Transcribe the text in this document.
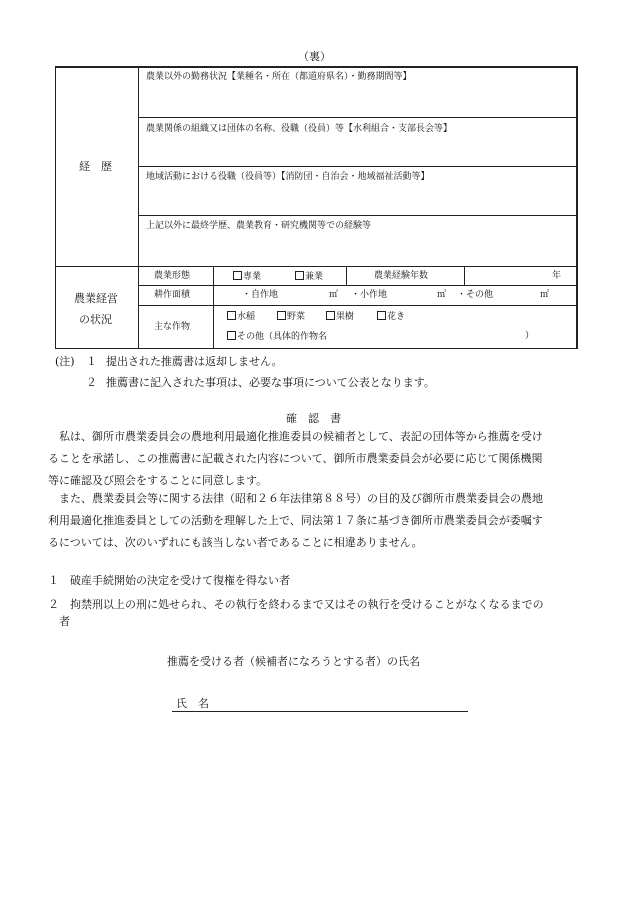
（裏）
経　歴
農業以外の勤務状況【業種名・所在（都道府県名）・勤務期間等】
農業関係の組織又は団体の名称、役職（役員）等【水利組合・支部長会等】
地域活動における役職（役員等）【消防団・自治会・地域福祉活動等】
上記以外に最終学歴、農業教育・研究機関等での経験等
農業経営
の状況
農業形態	専業	兼業	農業経験年数	年
耕作面積	・自作地	㎡ ・小作地	㎡ ・その他	㎡
主な作物
水稲	野菜	果樹	花き
その他（具体的作物名	）
(注) １ 提出された推薦書は返却しません。
２ 推薦書に記入された事項は、必要な事項について公表となります。
確　認　書
　私は、御所市農業委員会の農地利用最適化推進委員の候補者として、表記の団体等から推薦を受け
ることを承諾し、この推薦書に記載された内容について、御所市農業委員会が必要に応じて関係機関
等に確認及び照会をすることに同意します。
　また、農業委員会等に関する法律（昭和２６年法律第８８号）の目的及び御所市農業委員会の農地
利用最適化推進委員としての活動を理解した上で、同法第１７条に基づき御所市農業委員会が委嘱す
るについては、次のいずれにも該当しない者であることに相違ありません。
１　破産手続開始の決定を受けて復権を得ない者
２　拘禁刑以上の刑に処せられ、その執行を終わるまで又はその執行を受けることがなくなるまでの
　者
推薦を受ける者（候補者になろうとする者）の氏名
氏　名
